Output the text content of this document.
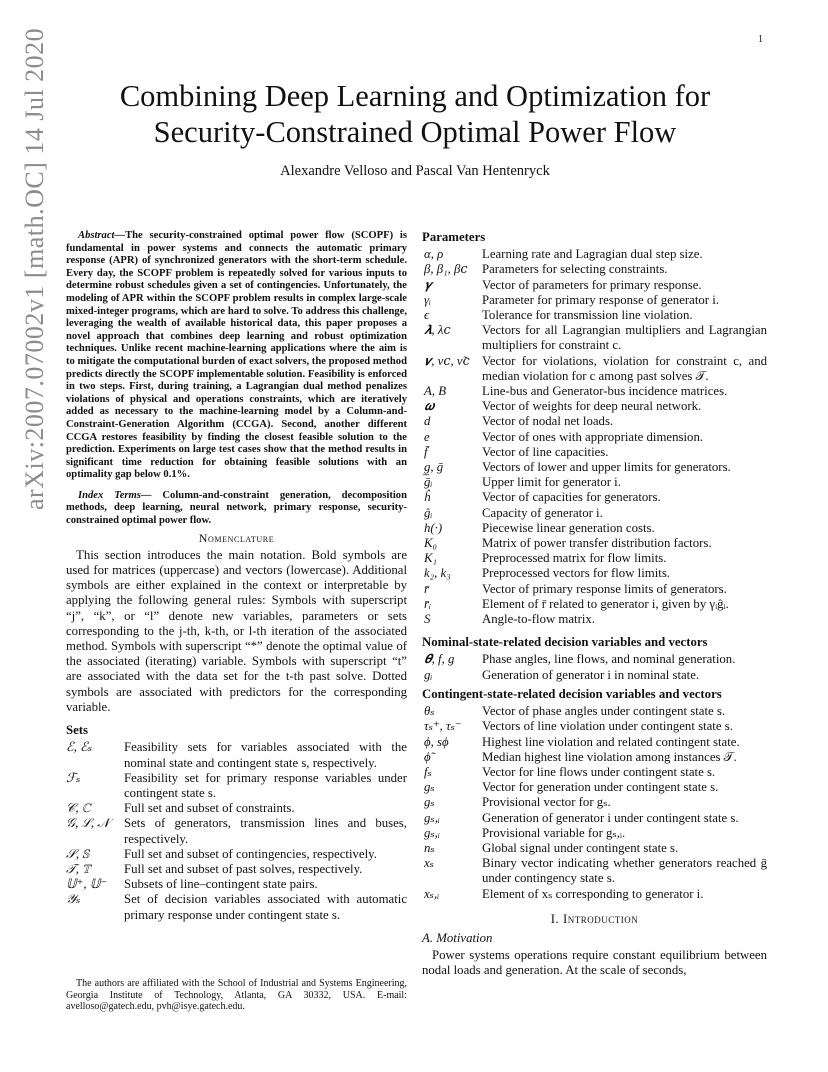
1
arXiv:2007.07002v1 [math.OC] 14 Jul 2020	Combining Deep Learning and Optimization for Security-Constrained Optimal Power Flow
Alexandre Velloso and Pascal Van Hentenryck

Abstract—The security-constrained optimal power flow (SCOPF) is fundamental in power systems and connects the automatic primary response (APR) of synchronized generators with the short-term schedule. Every day, the SCOPF problem is repeatedly solved for various inputs to determine robust schedules given a set of contingencies. Unfortunately, the modeling of APR within the SCOPF problem results in complex large-scale mixed-integer programs, which are hard to solve. To address this challenge, leveraging the wealth of available historical data, this paper proposes a novel approach that combines deep learning and robust optimization techniques. Unlike recent machine-learning applications where the aim is to mitigate the computational burden of exact solvers, the proposed method predicts directly the SCOPF implementable solution. Feasibility is enforced in two steps. First, during training, a Lagrangian dual method penalizes violations of physical and operations constraints, which are iteratively added as necessary to the machine-learning model by a Column-and-Constraint-Generation Algorithm (CCGA). Second, another different CCGA restores feasibility by finding the closest feasible solution to the prediction. Experiments on large test cases show that the method results in significant time reduction for obtaining feasible solutions with an optimality gap below 0.1%.

Index Terms— Column-and-constraint generation, decomposition methods, deep learning, neural network, primary response, security-constrained optimal power flow.

Nomenclature

This section introduces the main notation. Bold symbols are used for matrices (uppercase) and vectors (lowercase). Additional symbols are either explained in the context or interpretable by applying the following general rules: Symbols with superscript “j”, “k”, or “l” denote new variables, parameters or sets corresponding to the j-th, k-th, or l-th iteration of the associated method. Symbols with superscript “*” denote the optimal value of the associated (iterating) variable. Symbols with superscript “t” are associated with the data set for the t-th past solve. Dotted symbols are associated with predictors for the corresponding variable.

Sets
ℰ, ℰₛ	Feasibility sets for variables associated with the nominal state and contingent state s, respectively.
ℱₛ	Feasibility set for primary response variables under contingent state s.
𝒞, ℂ	Full set and subset of constraints.
𝒢, ℒ, 𝒩	Sets of generators, transmission lines and buses, respectively.
𝒮, 𝕊	Full set and subset of contingencies, respectively.
𝒯, 𝕋	Full set and subset of past solves, respectively.
𝕌⁺, 𝕌⁻	Subsets of line–contingent state pairs.
𝒴ₛ	Set of decision variables associated with automatic primary response under contingent state s.
The authors are affiliated with the School of Industrial and Systems Engineering, Georgia Institute of Technology, Atlanta, GA 30332, USA. E-mail: avelloso@gatech.edu, pvh@isye.gatech.edu.
Parameters
α, ρ	Learning rate and Lagragian dual step size.
β, β₁, β𝑐	Parameters for selecting constraints.
𝜸	Vector of parameters for primary response.
γᵢ	Parameter for primary response of generator i.
ϵ	Tolerance for transmission line violation.
𝝀, λ𝑐	Vectors for all Lagrangian multipliers and Lagrangian multipliers for constraint c.
𝝂, ν𝑐, ν̃𝑐	Vector for violations, violation for constraint c, and median violation for c among past solves 𝒯.
A, B	Line-bus and Generator-bus incidence matrices.
𝝎	Vector of weights for deep neural network.
d	Vector of nodal net loads.
e	Vector of ones with appropriate dimension.
f̄	Vector of line capacities.
g̲, ḡ	Vectors of lower and upper limits for generators.
ḡᵢ	Upper limit for generator i.
ĥ	Vector of capacities for generators.
ĝᵢ	Capacity of generator i.
h(·)	Piecewise linear generation costs.
K₀	Matrix of power transfer distribution factors.
K₁	Preprocessed matrix for flow limits.
k₂, k₃	Preprocessed vectors for flow limits.
r̄	Vector of primary response limits of generators.
r̄ᵢ	Element of r̄ related to generator i, given by γᵢĝᵢ.
S	Angle-to-flow matrix.
Nominal-state-related decision variables and vectors
𝜽, f, g	Phase angles, line flows, and nominal generation.
gᵢ	Generation of generator i in nominal state.
Contingent-state-related decision variables and vectors
θₛ	Vector of phase angles under contingent state s.
τₛ⁺, τₛ⁻	Vectors of line violation under contingent state s.
ϕ, sϕ	Highest line violation and related contingent state.
ϕ̃	Median highest line violation among instances 𝒯.
fₛ	Vector for line flows under contingent state s.
gₛ	Vector for generation under contingent state s.
gₛ	Provisional vector for gₛ.
gₛ,ᵢ	Generation of generator i under contingent state s.
gₛ,ᵢ	Provisional variable for gₛ,ᵢ.
nₛ	Global signal under contingent state s.
xₛ	Binary vector indicating whether generators reached ḡ under contingency state s.
xₛ,ᵢ	Element of xₛ corresponding to generator i.
I. Introduction
A. Motivation

Power systems operations require constant equilibrium between nodal loads and generation. At the scale of seconds,
